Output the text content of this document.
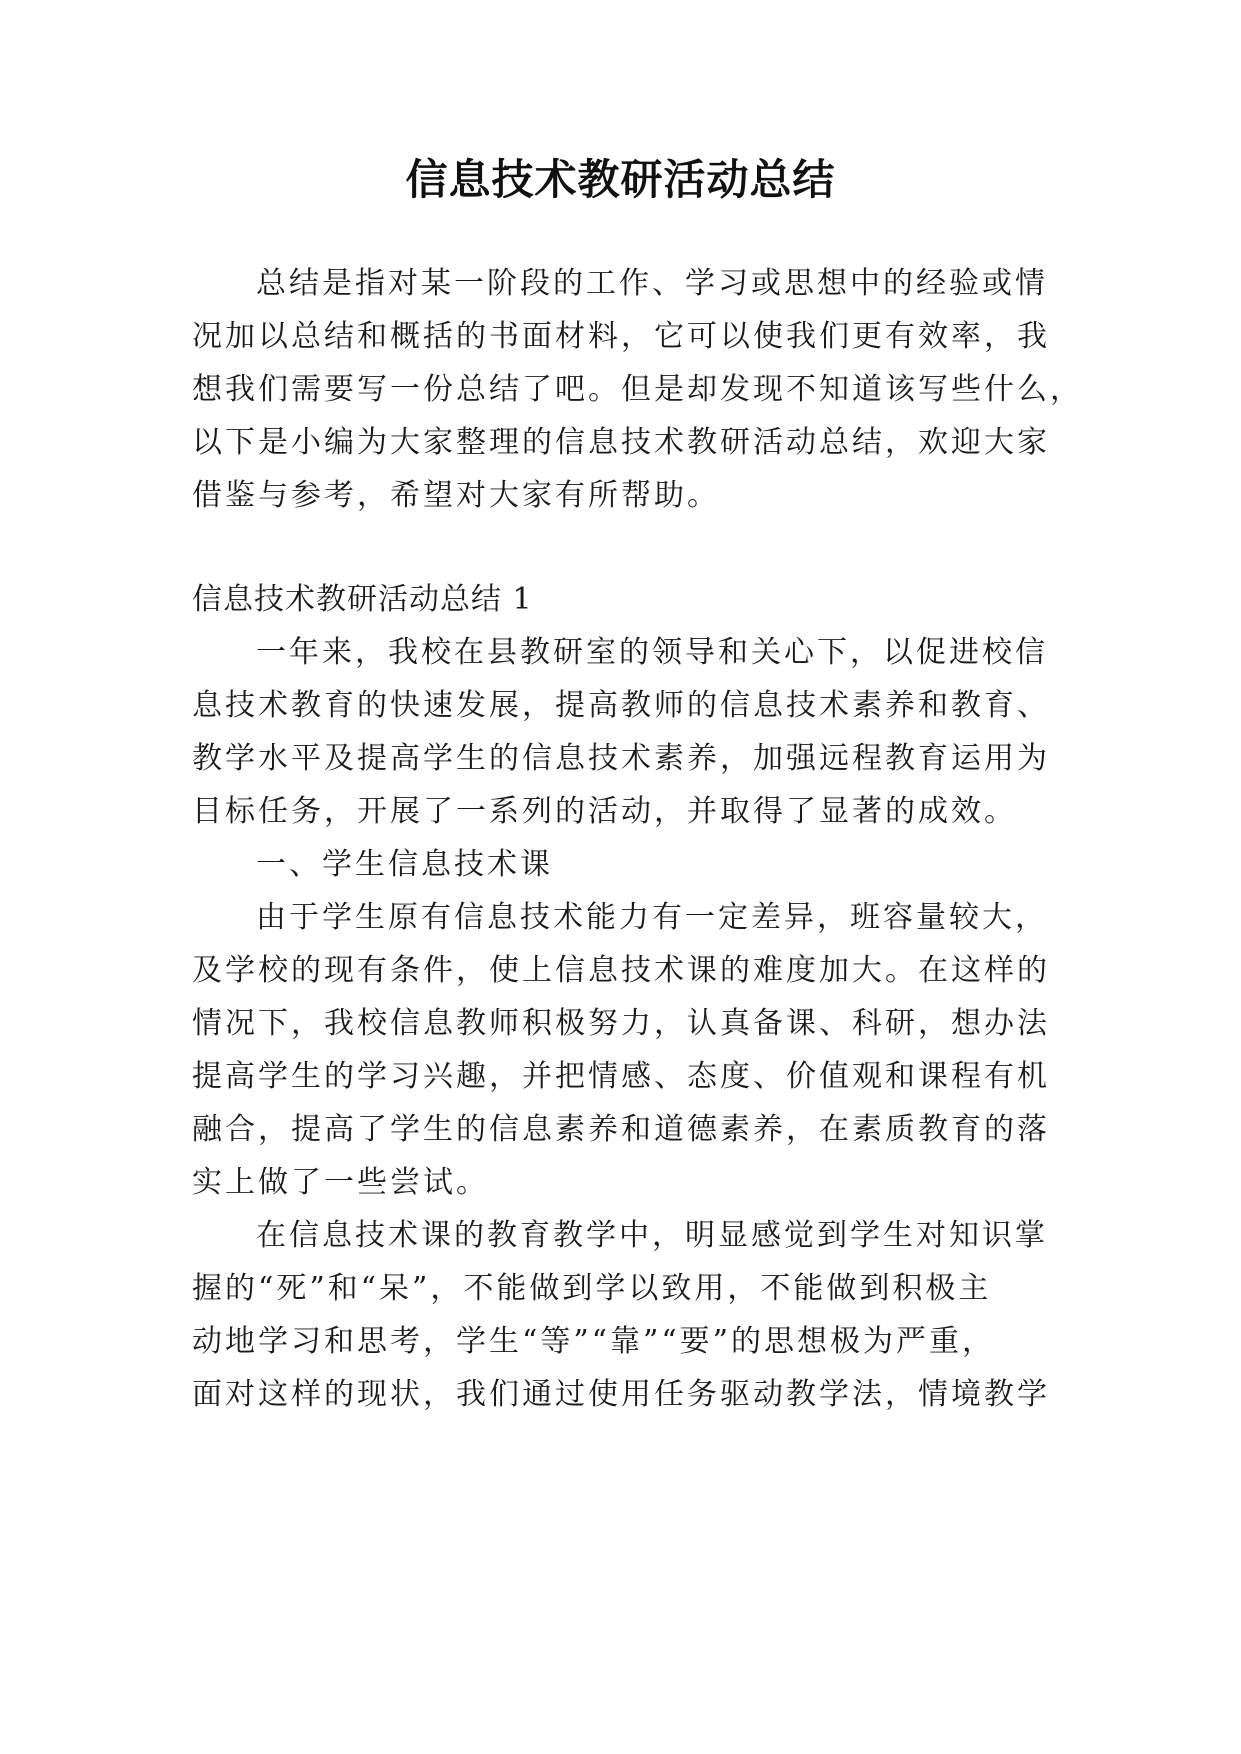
信息技术教研活动总结
总结是指对某一阶段的工作、学习或思想中的经验或情
况加以总结和概括的书面材料，它可以使我们更有效率，我
想我们需要写一份总结了吧。但是却发现不知道该写些什么，
以下是小编为大家整理的信息技术教研活动总结，欢迎大家
借鉴与参考，希望对大家有所帮助。
信息技术教研活动总结 1
一年来，我校在县教研室的领导和关心下，以促进校信
息技术教育的快速发展，提高教师的信息技术素养和教育、
教学水平及提高学生的信息技术素养，加强远程教育运用为
目标任务，开展了一系列的活动，并取得了显著的成效。
一、学生信息技术课
由于学生原有信息技术能力有一定差异，班容量较大，
及学校的现有条件，使上信息技术课的难度加大。在这样的
情况下，我校信息教师积极努力，认真备课、科研，想办法
提高学生的学习兴趣，并把情感、态度、价值观和课程有机
融合，提高了学生的信息素养和道德素养，在素质教育的落
实上做了一些尝试。
在信息技术课的教育教学中，明显感觉到学生对知识掌
握的“死”和“呆”，不能做到学以致用，不能做到积极主
动地学习和思考，学生“等”“靠”“要”的思想极为严重，
面对这样的现状，我们通过使用任务驱动教学法，情境教学
